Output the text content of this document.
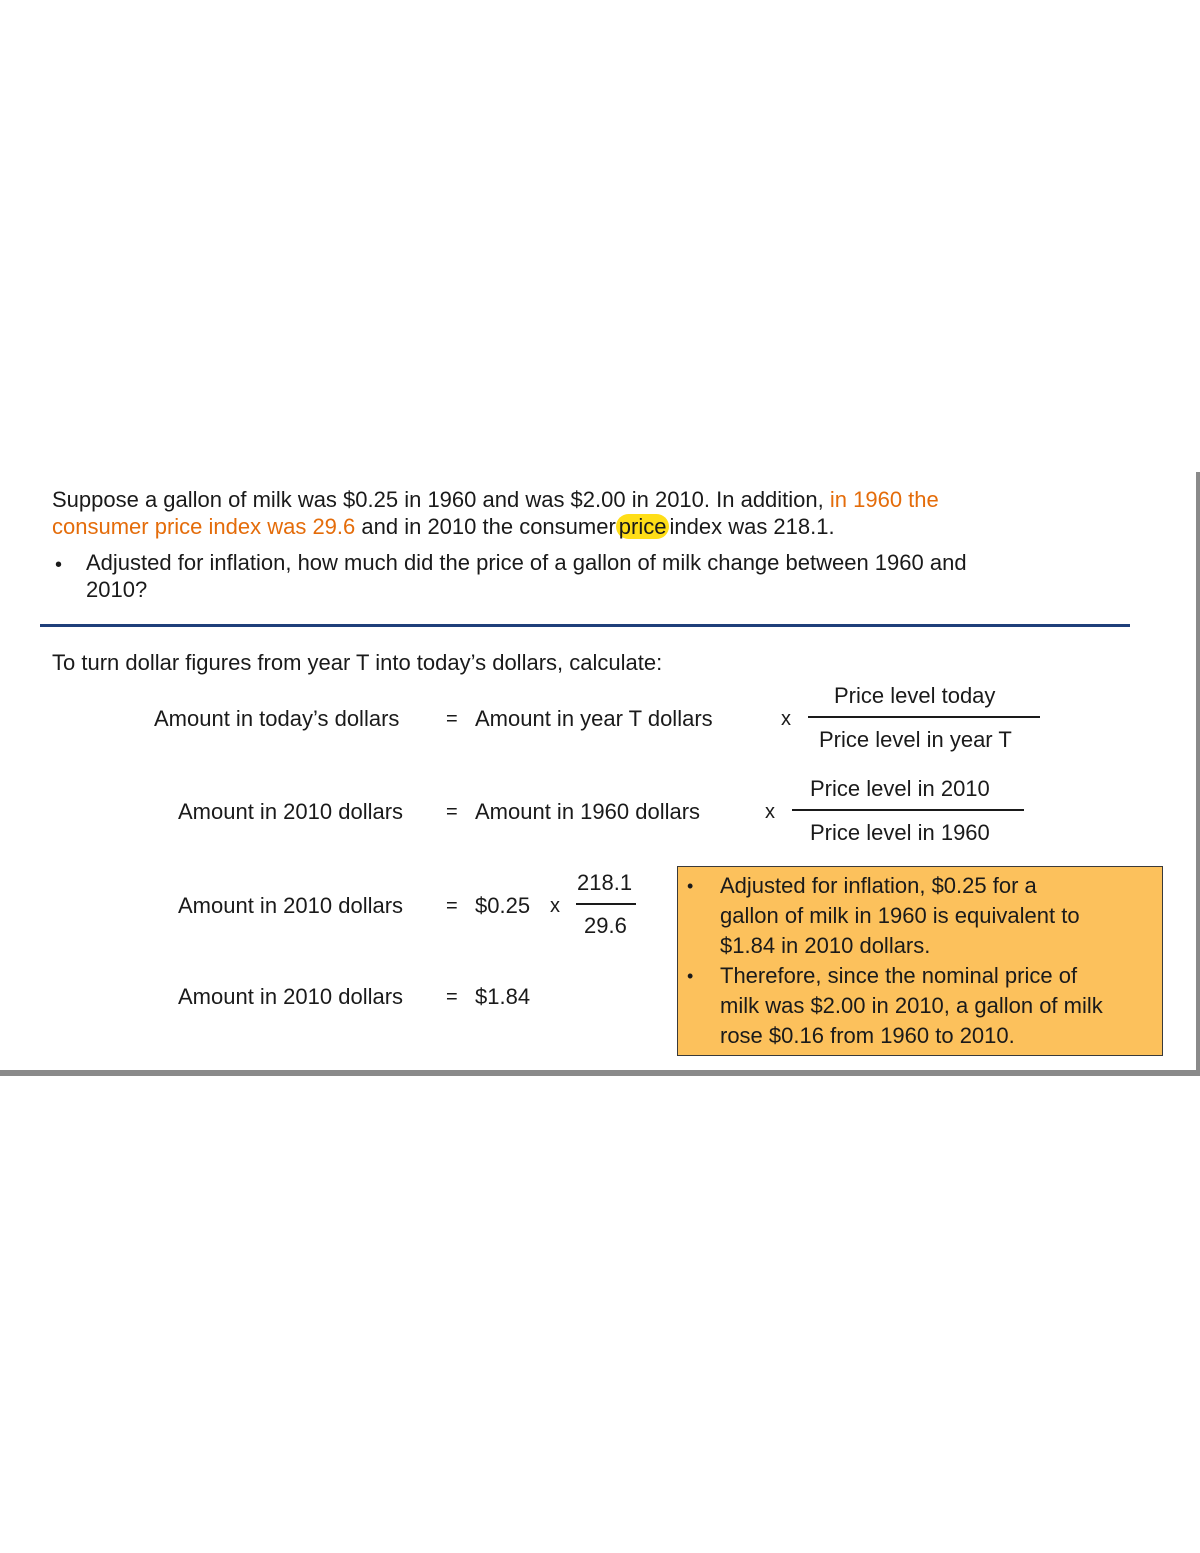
Suppose a gallon of milk was $0.25 in 1960 and was $2.00 in 2010. In addition, in 1960 the
consumer price index was 29.6 and in 2010 the consumer price index was 218.1.
• Adjusted for inflation, how much did the price of a gallon of milk change between 1960 and
2010?
To turn dollar figures from year T into today’s dollars, calculate:
Amount in today’s dollars = Amount in year T dollars	x
Price level today
Price level in year T
Amount in 2010 dollars = Amount in 1960 dollars	x
Price level in 2010
Price level in 1960
Amount in 2010 dollars = $0.25 x
218.1
29.6
Amount in 2010 dollars = $1.84
• Adjusted for inflation, $0.25 for a
gallon of milk in 1960 is equivalent to
$1.84 in 2010 dollars.
• Therefore, since the nominal price of
milk was $2.00 in 2010, a gallon of milk
rose $0.16 from 1960 to 2010.
